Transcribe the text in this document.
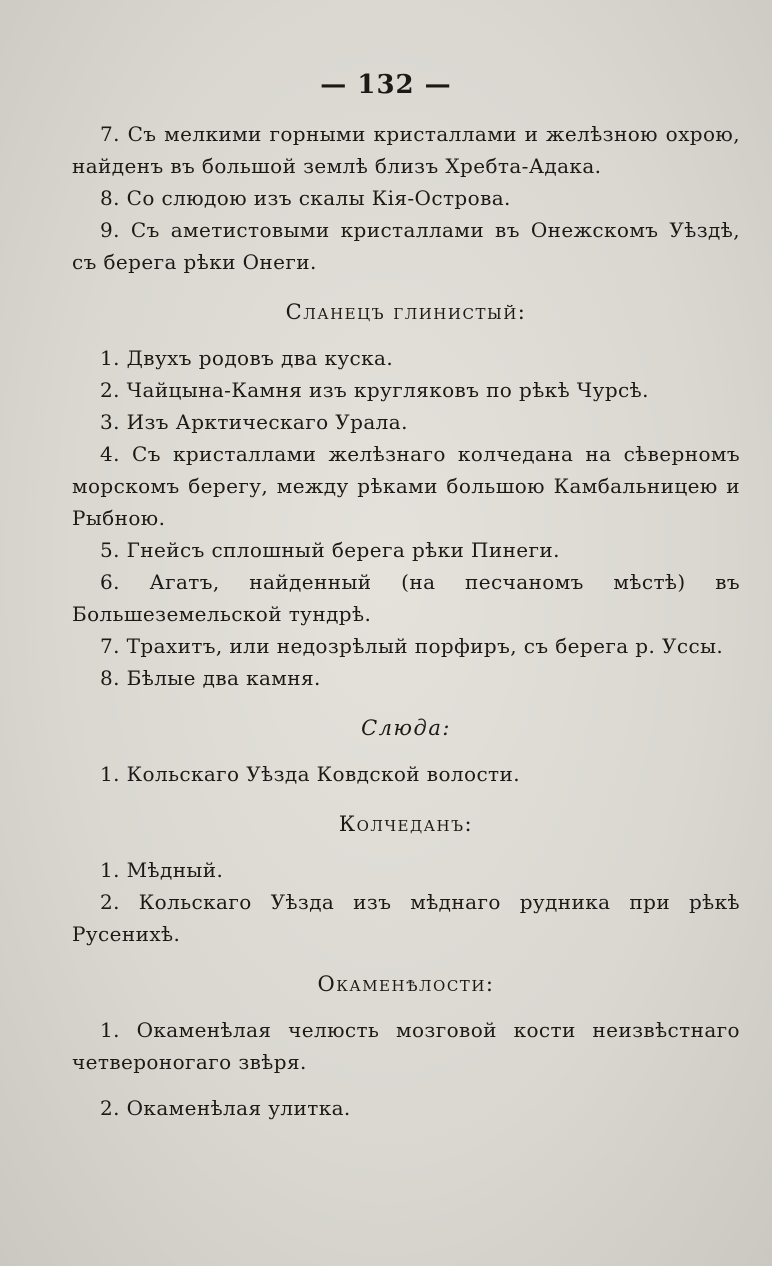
— 132 —

7. Съ мелкими горными кристаллами и желѣзною охрою, найденъ въ большой землѣ близъ Хребта-Адака.

8. Со слюдою изъ скалы Кія-Острова.

9. Съ аметистовыми кристаллами въ Онежскомъ Уѣздѣ, съ берега рѣки Онеги.

Сланецъ глинистый:

1. Двухъ родовъ два куска.

2. Чайцына-Камня изъ кругляковъ по рѣкѣ Чурсѣ.

3. Изъ Арктическаго Урала.

4. Съ кристаллами желѣзнаго колчедана на сѣверномъ морскомъ берегу, между рѣками большою Камбальницею и Рыбною.

5. Гнейсъ сплошный берега рѣки Пинеги.

6. Агатъ, найденный (на песчаномъ мѣстѣ) въ Большеземельской тундрѣ.

7. Трахитъ, или недозрѣлый порфиръ, съ берега р. Уссы.

8. Бѣлые два камня.

Слюда:

1. Кольскаго Уѣзда Ковдской волости.

Колчеданъ:

1. Мѣдный.

2. Кольскаго Уѣзда изъ мѣднаго рудника при рѣкѣ Русенихѣ.

Окаменѣлости:

1. Окаменѣлая челюсть мозговой кости неизвѣстнаго четвероногаго звѣря.

2. Окаменѣлая улитка.
